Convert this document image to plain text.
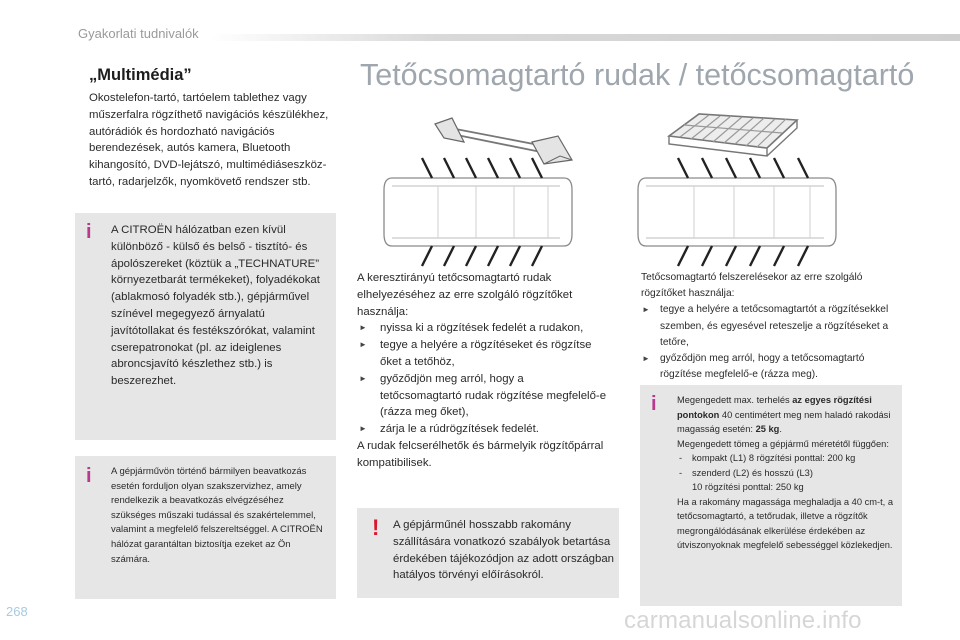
Gyakorlati tudnivalók
„Multimédia”
Okostelefon-tartó, tartóelem tablethez vagy műszerfalra rögzíthető navigációs készülékhez, autórádiók és hordozható navigációs berendezések, autós kamera, Bluetooth kihangosító, DVD-lejátszó, multimédiáseszköz-tartó, radarjelzők, nyomkövető rendszer stb.
i A CITROËN hálózatban ezen kívül különböző - külső és belső - tisztító- és ápolószereket (köztük a „TECHNATURE” környezetbarát termékeket), folyadékokat (ablakmosó folyadék stb.), gépjárművel színével megegyező árnyalatú javítótollakat és festékszórókat, valamint cserepatronokat (pl. az ideiglenes abroncsjavító készlethez stb.) is beszerezhet.
i A gépjárművön történő bármilyen beavatkozás esetén forduljon olyan szakszervizhez, amely rendelkezik a beavatkozás elvégzéséhez szükséges műszaki tudással és szakértelemmel, valamint a megfelelő felszereltséggel. A CITROËN hálózat garantáltan biztosítja ezeket az Ön számára.
Tetőcsomagtartó rudak / tetőcsomagtartó
A keresztirányú tetőcsomagtartó rudak elhelyezéséhez az erre szolgáló rögzítőket használja:
► nyissa ki a rögzítések fedelét a rudakon,
► tegye a helyére a rögzítéseket és rögzítse őket a tetőhöz,
► győződjön meg arról, hogy a tetőcsomagtartó rudak rögzítése megfelelő-e (rázza meg őket),
► zárja le a rúdrögzítések fedelét.
A rudak felcserélhetők és bármelyik rögzítőpárral kompatibilisek.
Tetőcsomagtartó felszerelésekor az erre szolgáló rögzítőket használja:
► tegye a helyére a tetőcsomagtartót a rögzítésekkel szemben, és egyesével reteszelje a rögzítéseket a tetőre,
► győződjön meg arról, hogy a tetőcsomagtartó rögzítése megfelelő-e (rázza meg).
! A gépjárműnél hosszabb rakomány szállítására vonatkozó szabályok betartása érdekében tájékozódjon az adott országban hatályos törvényi előírásokról.
i Megengedett max. terhelés az egyes rögzítési pontokon 40 centimétert meg nem haladó rakodási magasság esetén: 25 kg.
Megengedett tömeg a gépjármű méretétől függően:
- kompakt (L1) 8 rögzítési ponttal: 200 kg
- szenderd (L2) és hosszú (L3)
10 rögzítési ponttal: 250 kg
Ha a rakomány magassága meghaladja a 40 cm-t, a tetőcsomagtartó, a tetőrudak, illetve a rögzítők megrongálódásának elkerülése érdekében az útviszonyoknak megfelelő sebességgel közlekedjen.
268	carmanualsonline.info
